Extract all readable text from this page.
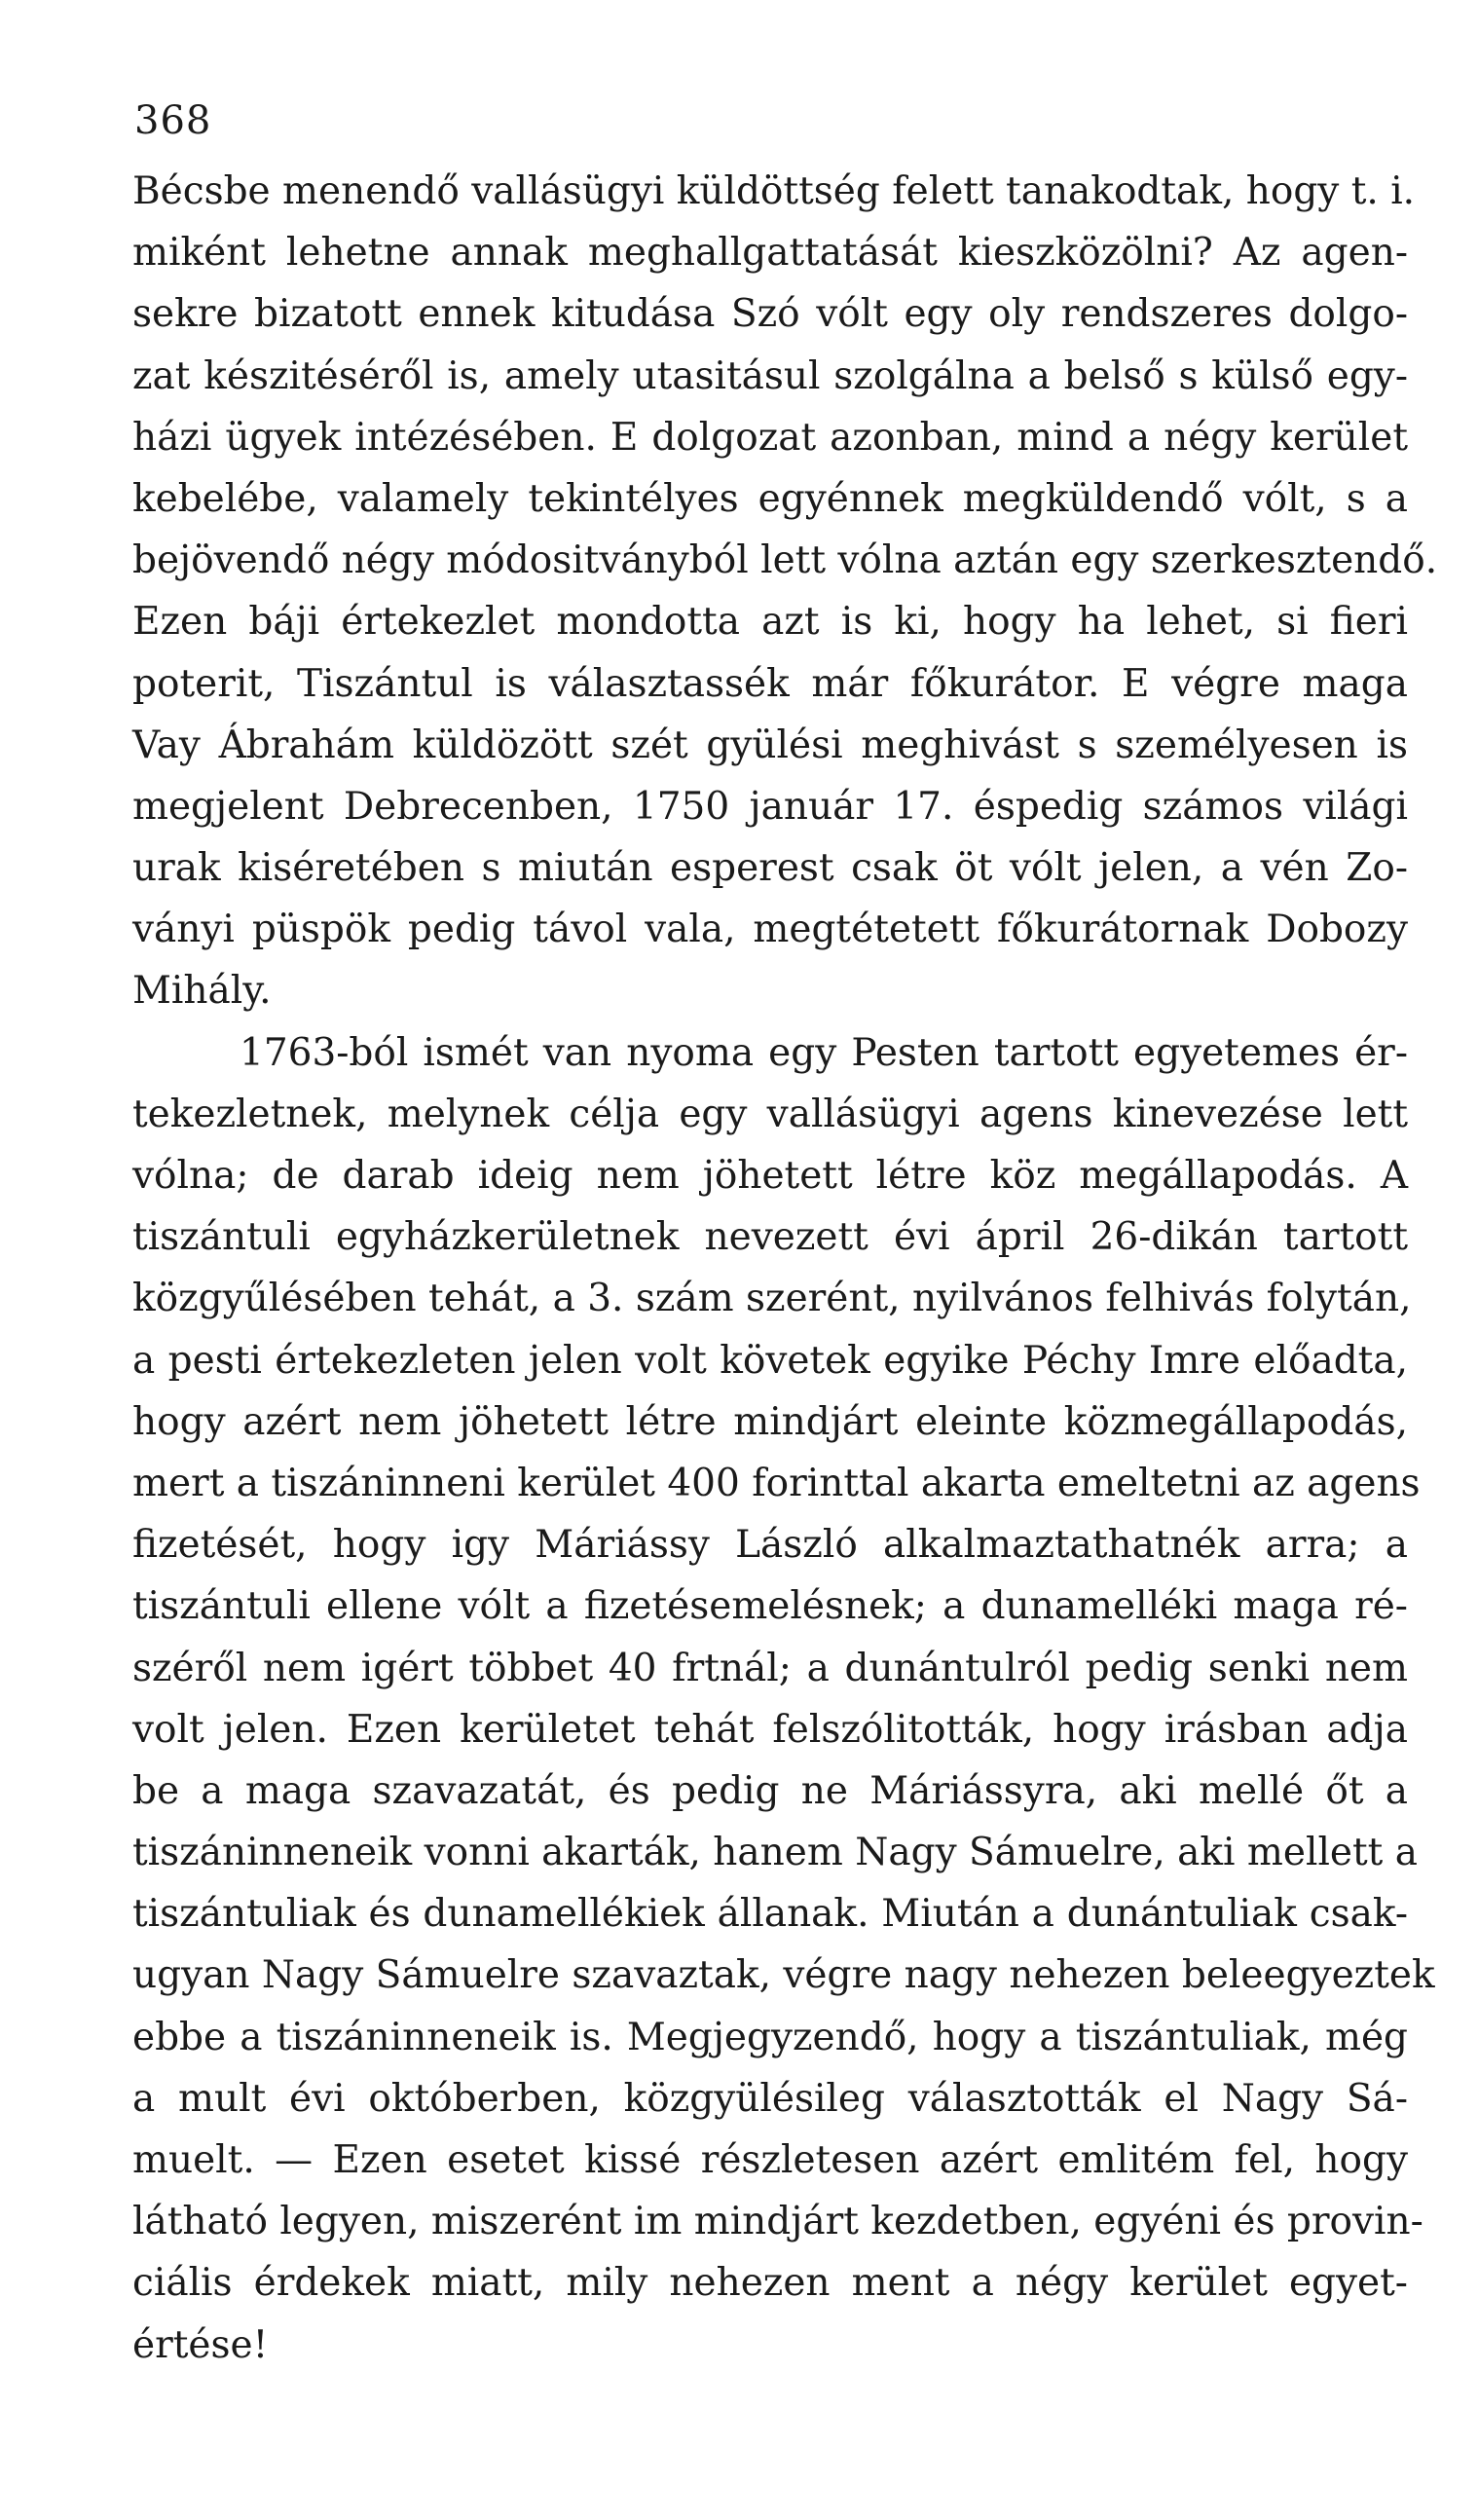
368
Bécsbe menendő vallásügyi küldöttség felett tanakodtak, hogy t. i.
miként lehetne annak meghallgattatását kieszközölni? Az agen-
sekre bizatott ennek kitudása Szó vólt egy oly rendszeres dolgo-
zat készitéséről is, amely utasitásul szolgálna a belső s külső egy-
házi ügyek intézésében. E dolgozat azonban, mind a négy kerület
kebelébe, valamely tekintélyes egyénnek megküldendő vólt, s a
bejövendő négy módositványból lett vólna aztán egy szerkesztendő.
Ezen báji értekezlet mondotta azt is ki, hogy ha lehet, si fieri
poterit, Tiszántul is választassék már főkurátor. E végre maga
Vay Ábrahám küldözött szét gyülési meghivást s személyesen is
megjelent Debrecenben, 1750 január 17. éspedig számos világi
urak kiséretében s miután esperest csak öt vólt jelen, a vén Zo-
ványi püspök pedig távol vala, megtétetett főkurátornak Dobozy
Mihály.
1763-ból ismét van nyoma egy Pesten tartott egyetemes ér-
tekezletnek, melynek célja egy vallásügyi agens kinevezése lett
vólna; de darab ideig nem jöhetett létre köz megállapodás. A
tiszántuli egyházkerületnek nevezett évi ápril 26-dikán tartott
közgyűlésében tehát, a 3. szám szerént, nyilvános felhivás folytán,
a pesti értekezleten jelen volt követek egyike Péchy Imre előadta,
hogy azért nem jöhetett létre mindjárt eleinte közmegállapodás,
mert a tiszáninneni kerület 400 forinttal akarta emeltetni az agens
fizetését, hogy igy Máriássy László alkalmaztathatnék arra; a
tiszántuli ellene vólt a fizetésemelésnek; a dunamelléki maga ré-
széről nem igért többet 40 frtnál; a dunántulról pedig senki nem
volt jelen. Ezen kerületet tehát felszólitották, hogy irásban adja
be a maga szavazatát, és pedig ne Máriássyra, aki mellé őt a
tiszáninneneik vonni akarták, hanem Nagy Sámuelre, aki mellett a
tiszántuliak és dunamellékiek állanak. Miután a dunántuliak csak-
ugyan Nagy Sámuelre szavaztak, végre nagy nehezen beleegyeztek
ebbe a tiszáninneneik is. Megjegyzendő, hogy a tiszántuliak, még
a mult évi októberben, közgyülésileg választották el Nagy Sá-
muelt. — Ezen esetet kissé részletesen azért emlitém fel, hogy
látható legyen, miszerént im mindjárt kezdetben, egyéni és provin-
ciális érdekek miatt, mily nehezen ment a négy kerület egyet-
értése!
